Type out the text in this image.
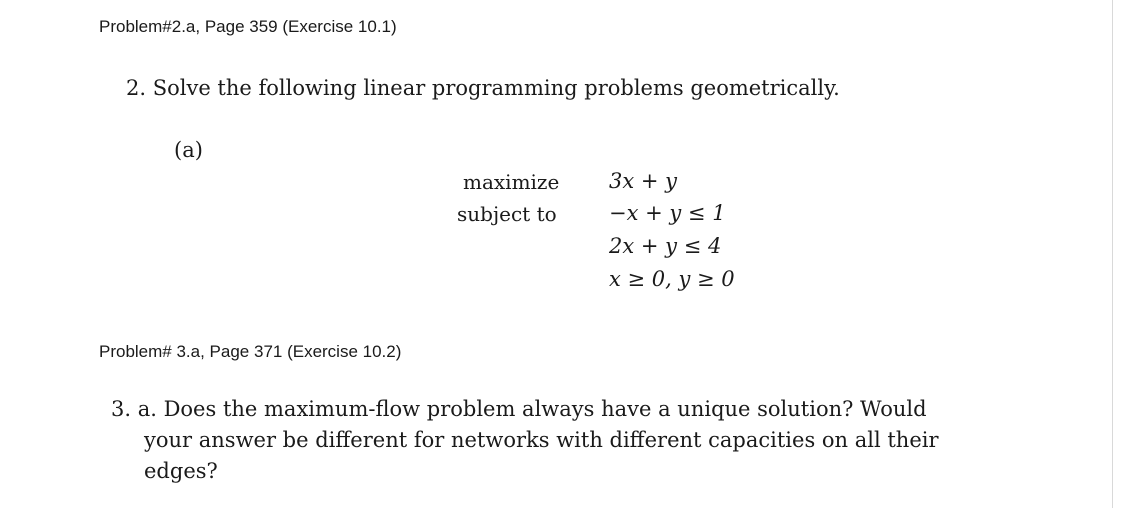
Problem#2.a, Page 359 (Exercise 10.1)
2. Solve the following linear programming problems geometrically.
(a)
maximize
subject to
3x + y
−x + y ≤ 1
2x + y ≤ 4
x ≥ 0, y ≥ 0
Problem# 3.a, Page 371 (Exercise 10.2)
3. a. Does the maximum-flow problem always have a unique solution? Would
your answer be different for networks with different capacities on all their
edges?
